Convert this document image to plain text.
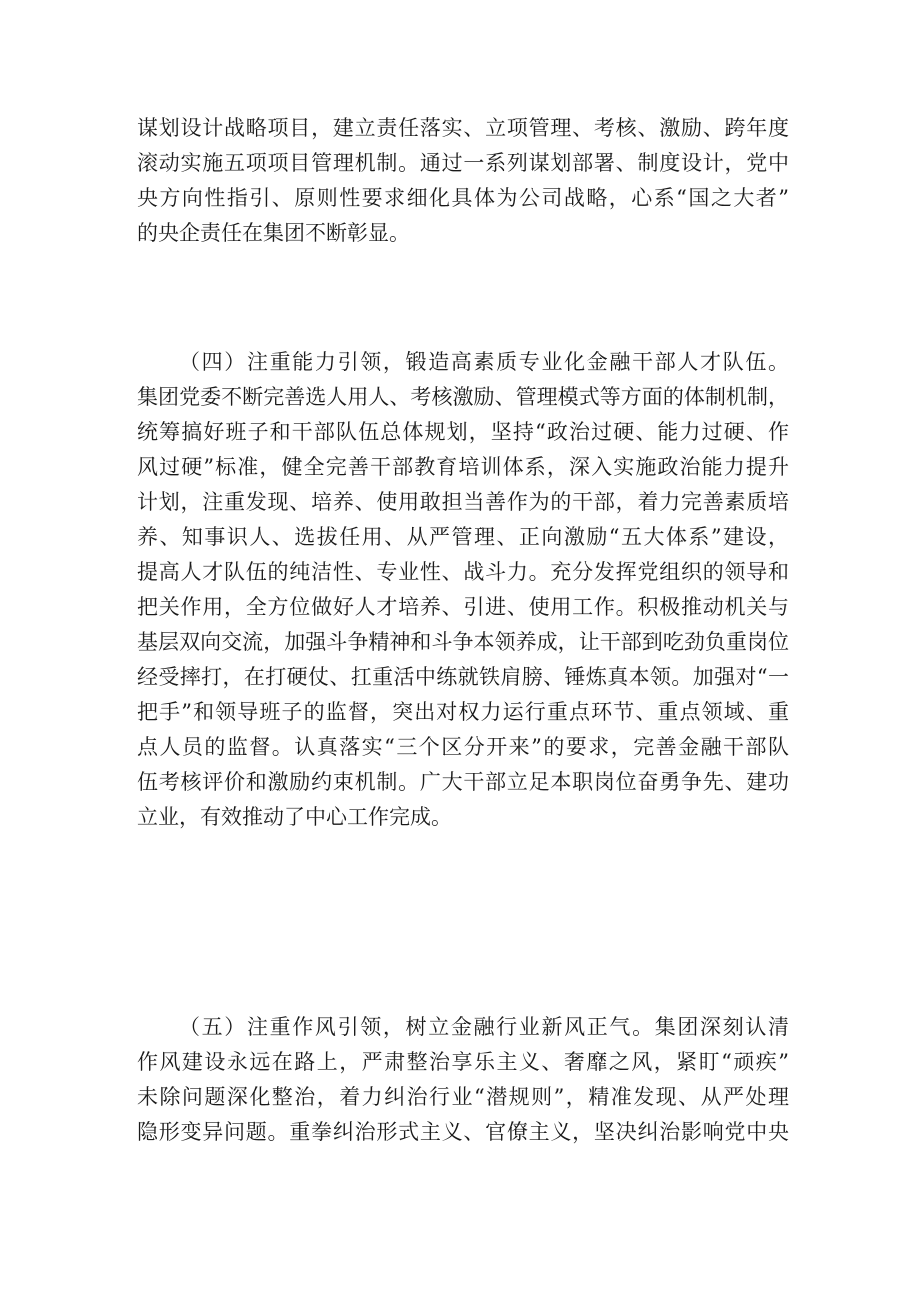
谋划设计战略项目，建立责任落实、立项管理、考核、激励、跨年度
滚动实施五项项目管理机制。通过一系列谋划部署、制度设计，党中
央方向性指引、原则性要求细化具体为公司战略，心系“国之大者”
的央企责任在集团不断彰显。
（四）注重能力引领，锻造高素质专业化金融干部人才队伍。
集团党委不断完善选人用人、考核激励、管理模式等方面的体制机制，
统筹搞好班子和干部队伍总体规划，坚持“政治过硬、能力过硬、作
风过硬”标准，健全完善干部教育培训体系，深入实施政治能力提升
计划，注重发现、培养、使用敢担当善作为的干部，着力完善素质培
养、知事识人、选拔任用、从严管理、正向激励“五大体系”建设，
提高人才队伍的纯洁性、专业性、战斗力。充分发挥党组织的领导和
把关作用，全方位做好人才培养、引进、使用工作。积极推动机关与
基层双向交流，加强斗争精神和斗争本领养成，让干部到吃劲负重岗位
经受摔打，在打硬仗、扛重活中练就铁肩膀、锤炼真本领。加强对“一
把手”和领导班子的监督，突出对权力运行重点环节、重点领域、重
点人员的监督。认真落实“三个区分开来”的要求，完善金融干部队
伍考核评价和激励约束机制。广大干部立足本职岗位奋勇争先、建功
立业，有效推动了中心工作完成。
（五）注重作风引领，树立金融行业新风正气。集团深刻认清
作风建设永远在路上，严肃整治享乐主义、奢靡之风，紧盯“顽疾”
未除问题深化整治，着力纠治行业“潜规则”，精准发现、从严处理
隐形变异问题。重拳纠治形式主义、官僚主义，坚决纠治影响党中央
